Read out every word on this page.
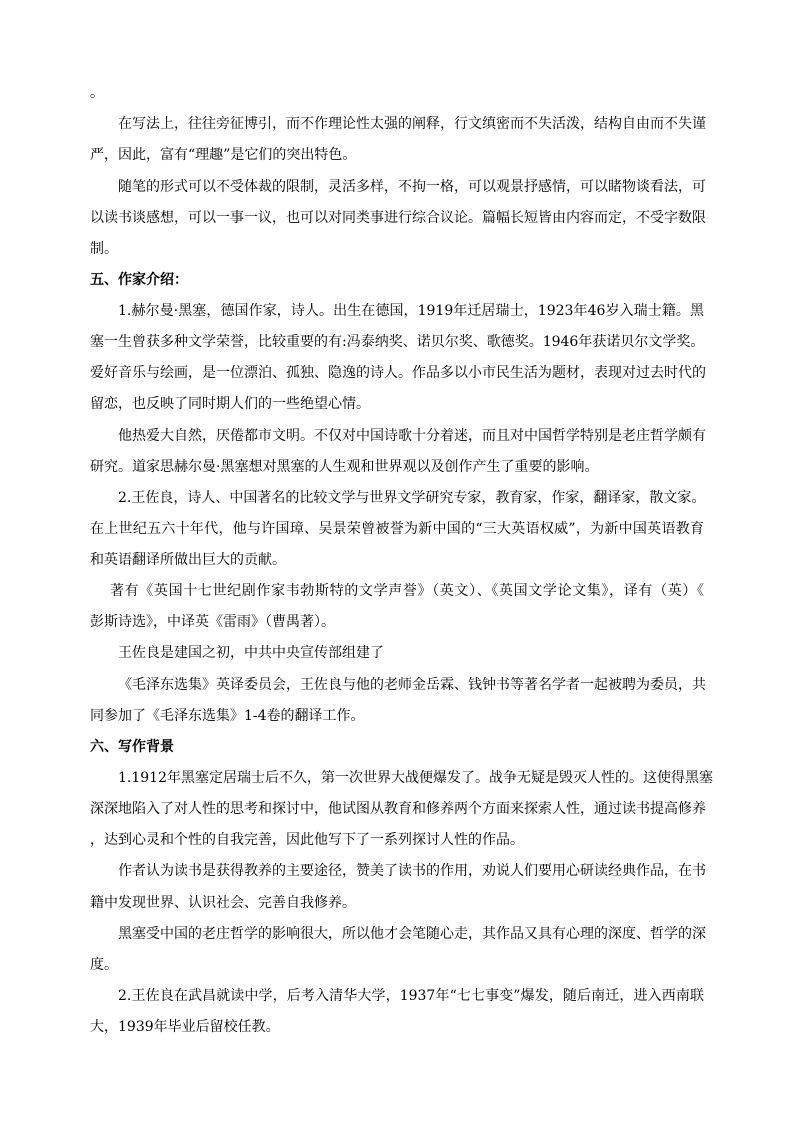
。
在写法上，往往旁征博引，而不作理论性太强的阐释，行文缜密而不失活泼，结构自由而不失谨
严，因此，富有“理趣”是它们的突出特色。
随笔的形式可以不受体裁的限制，灵活多样，不拘一格，可以观景抒感情，可以睹物谈看法，可
以读书谈感想，可以一事一议，也可以对同类事进行综合议论。篇幅长短皆由内容而定，不受字数限
制。
五、作家介绍：
1.赫尔曼·黑塞，德国作家，诗人。出生在德国，1919年迁居瑞士，1923年46岁入瑞士籍。黑
塞一生曾获多种文学荣誉，比较重要的有:冯泰纳奖、诺贝尔奖、歌德奖。1946年获诺贝尔文学奖。
爱好音乐与绘画，是一位漂泊、孤独、隐逸的诗人。作品多以小市民生活为题材，表现对过去时代的
留恋，也反映了同时期人们的一些绝望心情。
他热爱大自然，厌倦都市文明。不仅对中国诗歌十分着迷，而且对中国哲学特别是老庄哲学颇有
研究。道家思赫尔曼·黑塞想对黑塞的人生观和世界观以及创作产生了重要的影响。
2.王佐良，诗人、中国著名的比较文学与世界文学研究专家，教育家，作家，翻译家，散文家。
在上世纪五六十年代，他与许国璋、吴景荣曾被誉为新中国的“三大英语权威”，为新中国英语教育
和英语翻译所做出巨大的贡献。
著有《英国十七世纪剧作家韦勃斯特的文学声誉》（英文）、《英国文学论文集》，译有（英）《
彭斯诗选》，中译英《雷雨》（曹禺著）。
王佐良是建国之初，中共中央宣传部组建了
《毛泽东选集》英译委员会，王佐良与他的老师金岳霖、钱钟书等著名学者一起被聘为委员，共
同参加了《毛泽东选集》1-4卷的翻译工作。
六、写作背景
1.1912年黑塞定居瑞士后不久，第一次世界大战便爆发了。战争无疑是毁灭人性的。这使得黑塞
深深地陷入了对人性的思考和探讨中，他试图从教育和修养两个方面来探索人性，通过读书提高修养
，达到心灵和个性的自我完善，因此他写下了一系列探讨人性的作品。
作者认为读书是获得教养的主要途径，赞美了读书的作用，劝说人们要用心研读经典作品，在书
籍中发现世界、认识社会、完善自我修养。
黑塞受中国的老庄哲学的影响很大，所以他才会笔随心走，其作品又具有心理的深度、哲学的深
度。
2.王佐良在武昌就读中学，后考入清华大学，1937年“七七事变”爆发，随后南迁，进入西南联
大，1939年毕业后留校任教。
